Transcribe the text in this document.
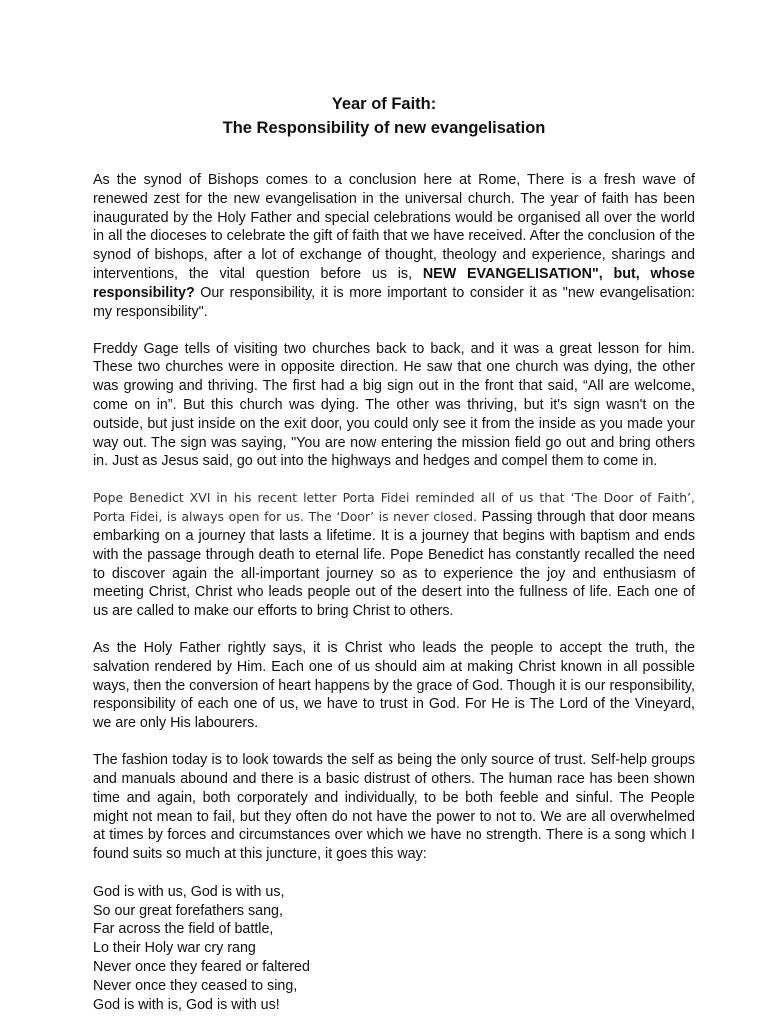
Year of Faith:
The Responsibility of new evangelisation

As the synod of Bishops comes to a conclusion here at Rome, There is a fresh wave of renewed zest for the new evangelisation in the universal church. The year of faith has been inaugurated by the Holy Father and special celebrations would be organised all over the world in all the dioceses to celebrate the gift of faith that we have received. After the conclusion of the synod of bishops, after a lot of exchange of thought, theology and experience, sharings and interventions, the vital question before us is, NEW EVANGELISATION", but, whose responsibility? Our responsibility, it is more important to consider it as "new evangelisation: my responsibility".

Freddy Gage tells of visiting two churches back to back, and it was a great lesson for him. These two churches were in opposite direction. He saw that one church was dying, the other was growing and thriving. The first had a big sign out in the front that said, “All are welcome, come on in”. But this church was dying. The other was thriving, but it's sign wasn't on the outside, but just inside on the exit door, you could only see it from the inside as you made your way out. The sign was saying, "You are now entering the mission field go out and bring others in. Just as Jesus said, go out into the highways and hedges and compel them to come in.

Pope Benedict XVI in his recent letter Porta Fidei reminded all of us that ‘The Door of Faith’, Porta Fidei, is always open for us. The ‘Door’ is never closed. Passing through that door means embarking on a journey that lasts a lifetime. It is a journey that begins with baptism and ends with the passage through death to eternal life. Pope Benedict has constantly recalled the need to discover again the all-important journey so as to experience the joy and enthusiasm of meeting Christ, Christ who leads people out of the desert into the fullness of life. Each one of us are called to make our efforts to bring Christ to others.

As the Holy Father rightly says, it is Christ who leads the people to accept the truth, the salvation rendered by Him. Each one of us should aim at making Christ known in all possible ways, then the conversion of heart happens by the grace of God. Though it is our responsibility, responsibility of each one of us, we have to trust in God. For He is The Lord of the Vineyard, we are only His labourers.

The fashion today is to look towards the self as being the only source of trust. Self-help groups and manuals abound and there is a basic distrust of others. The human race has been shown time and again, both corporately and individually, to be both feeble and sinful. The People might not mean to fail, but they often do not have the power to not to. We are all overwhelmed at times by forces and circumstances over which we have no strength. There is a song which I found suits so much at this juncture, it goes this way:

God is with us, God is with us,
So our great forefathers sang,
Far across the field of battle,
Lo their Holy war cry rang
Never once they feared or faltered
Never once they ceased to sing,
God is with is, God is with us!
